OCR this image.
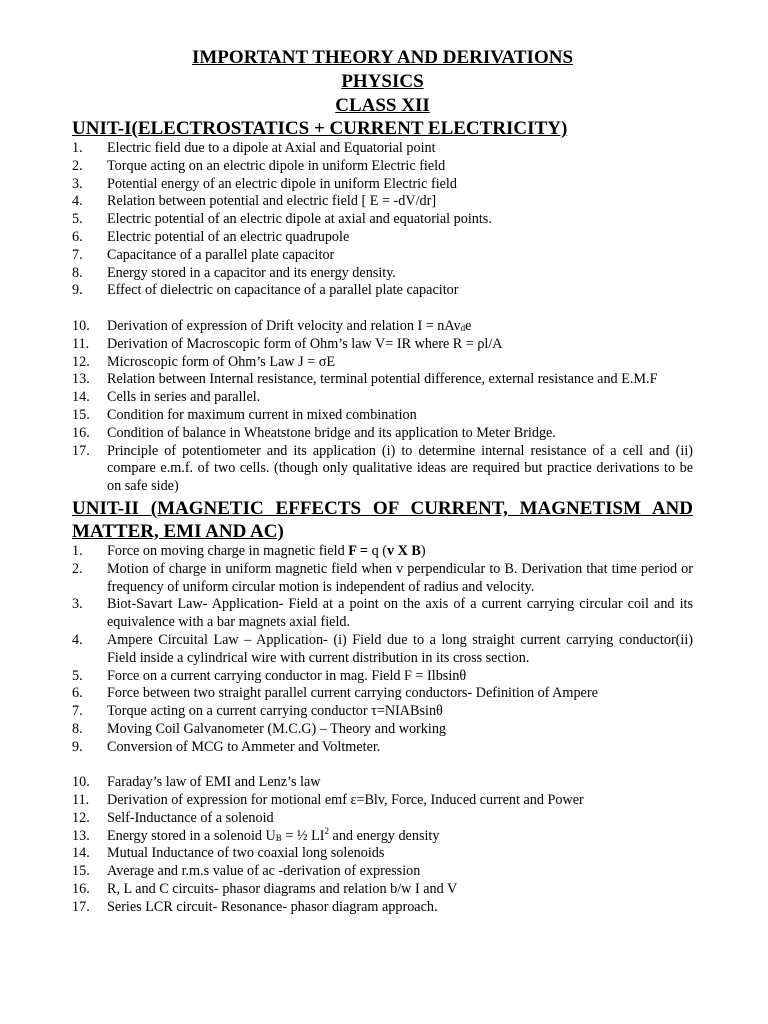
IMPORTANT THEORY AND DERIVATIONS
PHYSICS
CLASS XII
UNIT-I(ELECTROSTATICS + CURRENT ELECTRICITY)
1. Electric field due to a dipole at Axial and Equatorial point
2. Torque acting on an electric dipole in uniform Electric field
3. Potential energy of an electric dipole in uniform Electric field
4. Relation between potential and electric field [ E = -dV/dr]
5. Electric potential of an electric dipole at axial and equatorial points.
6. Electric potential of an electric quadrupole
7. Capacitance of a parallel plate capacitor
8. Energy stored in a capacitor and its energy density.
9. Effect of dielectric on capacitance of a parallel plate capacitor
10. Derivation of expression of Drift velocity and relation I = nAv$_d$e
11. Derivation of Macroscopic form of Ohm’s law V= IR where R = ρl/A
12. Microscopic form of Ohm’s Law J = σE
13. Relation between Internal resistance, terminal potential difference, external resistance and E.M.F
14. Cells in series and parallel.
15. Condition for maximum current in mixed combination
16. Condition of balance in Wheatstone bridge and its application to Meter Bridge.
17. Principle of potentiometer and its application (i) to determine internal resistance of a cell and (ii) compare e.m.f. of two cells. (though only qualitative ideas are required but practice derivations to be on safe side)
UNIT-II (MAGNETIC EFFECTS OF CURRENT, MAGNETISM AND MATTER, EMI AND AC)
1. Force on moving charge in magnetic field F = q (v X B)
2. Motion of charge in uniform magnetic field when v perpendicular to B. Derivation that time period or frequency of uniform circular motion is independent of radius and velocity.
3. Biot-Savart Law- Application- Field at a point on the axis of a current carrying circular coil and its equivalence with a bar magnets axial field.
4. Ampere Circuital Law – Application- (i) Field due to a long straight current carrying conductor(ii) Field inside a cylindrical wire with current distribution in its cross section.
5. Force on a current carrying conductor in mag. Field F = Ilbsinθ
6. Force between two straight parallel current carrying conductors- Definition of Ampere
7. Torque acting on a current carrying conductor τ=NIABsinθ
8. Moving Coil Galvanometer (M.C.G) – Theory and working
9. Conversion of MCG to Ammeter and Voltmeter.
10. Faraday’s law of EMI and Lenz’s law
11. Derivation of expression for motional emf ε=Blv, Force, Induced current and Power
12. Self-Inductance of a solenoid
13. Energy stored in a solenoid $U_B$ = ½ $LI^2$ and energy density
14. Mutual Inductance of two coaxial long solenoids
15. Average and r.m.s value of ac -derivation of expression
16. R, L and C circuits- phasor diagrams and relation b/w I and V
17. Series LCR circuit- Resonance- phasor diagram approach.
